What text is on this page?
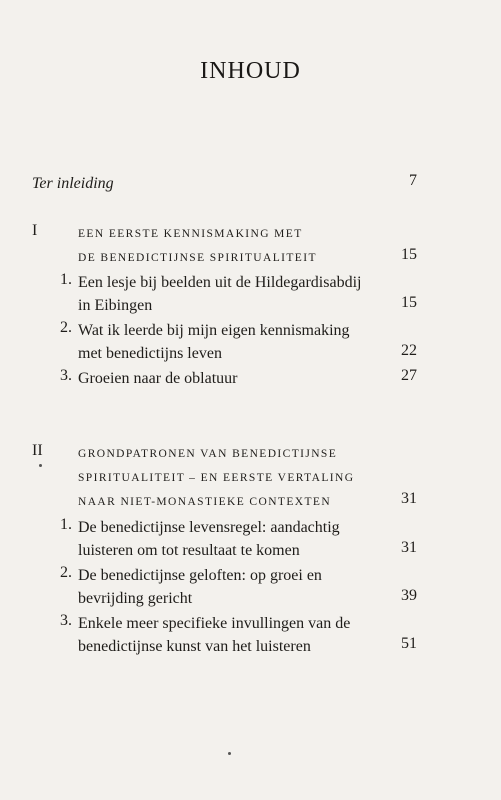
INHOUD
Ter inleiding	7
I	EEN EERSTE KENNISMAKING MET
DE BENEDICTIJNSE SPIRITUALITEIT	15
1. Een lesje bij beelden uit de Hildegardisabdij
in Eibingen	15
2. Wat ik leerde bij mijn eigen kennismaking
met benedictijns leven	22
3. Groeien naar de oblatuur	27
II	GRONDPATRONEN VAN BENEDICTIJNSE
SPIRITUALITEIT – EN EERSTE VERTALING
NAAR NIET-MONASTIEKE CONTEXTEN	31
1. De benedictijnse levensregel: aandachtig
luisteren om tot resultaat te komen	31
2. De benedictijnse geloften: op groei en
bevrijding gericht	39
3. Enkele meer specifieke invullingen van de
benedictijnse kunst van het luisteren	51
